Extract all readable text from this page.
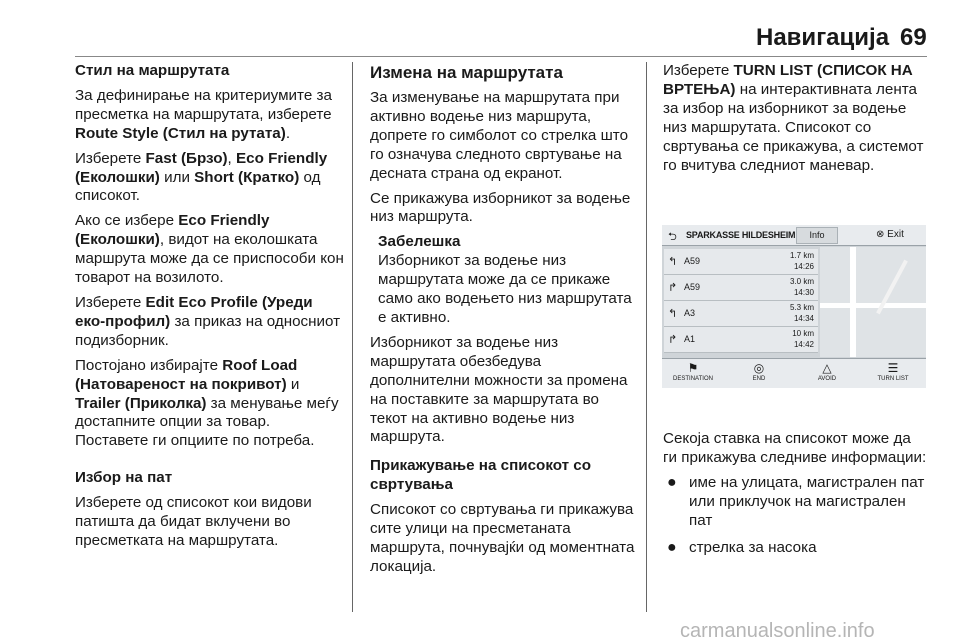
Навигација 69

Стил на маршрутата

За дефинирање на критериумите за пресметка на маршрутата, изберете Route Style (Стил на рутата).

Изберете Fast (Брзо), Eco Friendly (Еколошки) или Short (Кратко) од списокот.

Ако се избере Eco Friendly (Еколошки), видот на еколошката маршрута може да се приспособи кон товарот на возилото.

Изберете Edit Eco Profile (Уреди еко-профил) за приказ на односниот подизборник.

Постојано избирајте Roof Load (Натовареност на покривот) и Trailer (Приколка) за менување меѓу достапните опции за товар. Поставете ги опциите по потреба.

Избор на пат

Изберете од списокот кои видови патишта да бидат вклучени во пресметката на маршрутата.

Измена на маршрутата

За изменување на маршрутата при активно водење низ маршрута, допрете го симболот со стрелка што го означува следното свртување на десната страна од екранот.

Се прикажува изборникот за водење низ маршрута.

Забелешка

Изборникот за водење низ маршрутата може да се прикаже само ако водењето низ маршрутата е активно.

Изборникот за водење низ маршрутата обезбедува дополнителни можности за промена на поставките за маршрутата во текот на активно водење низ маршрута.

Прикажување на списокот со свртувања

Списокот со свртувања ги прикажува сите улици на пресметаната маршрута, почнувајќи од моментната локација.

Изберете TURN LIST (СПИСОК НА ВРТЕЊА) на интерактивната лента за избор на изборникот за водење низ маршрутата. Списокот со свртувања се прикажува, а системот го вчитува следниот маневар.

Секоја ставка на списокот може да ги прикажува следниве информации:

● име на улицата, магистрален пат или приклучок на магистрален пат
● стрелка за насока
⮌ SPARKASSE HILDESHEIM	Info	⊗ Exit
↰ A59
1.7 km
14:26
↱ A59
3.0 km
14:30
↰ A3
5.3 km
14:34
↱ A1
10 km
14:42
⚑
DESTINATION
◎
END
△
AVOID
☰
TURN LIST
carmanualsonline.info
